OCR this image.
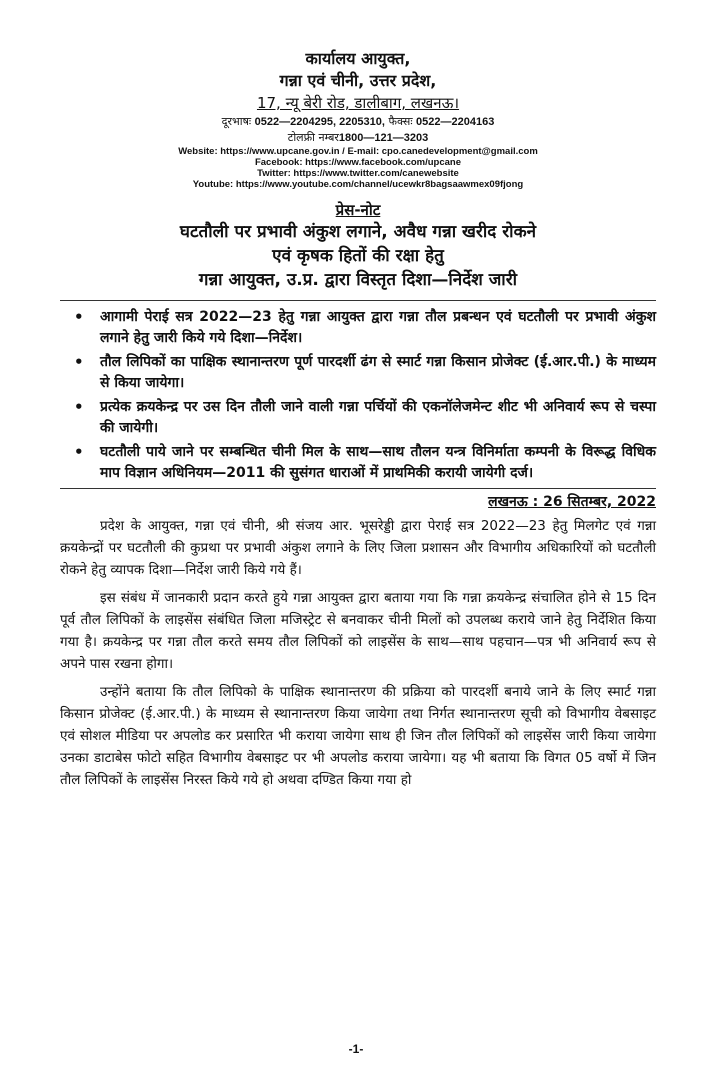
कार्यालय आयुक्त,
गन्ना एवं चीनी, उत्तर प्रदेश,
17, न्यू बेरी रोड, डालीबाग, लखनऊ।
दूरभाषः 0522—2204295, 2205310, फैक्सः 0522—2204163
टोलफ्री नम्बर1800—121—3203
Website: https://www.upcane.gov.in / E-mail: cpo.canedevelopment@gmail.com
Facebook: https://www.facebook.com/upcane
Twitter: https://www.twitter.com/canewebsite
Youtube: https://www.youtube.com/channel/ucewkr8bagsaawmex09fjong
प्रेस-नोट
घटतौली पर प्रभावी अंकुश लगाने, अवैध गन्ना खरीद रोकने
एवं कृषक हितों की रक्षा हेतु
गन्ना आयुक्त, उ.प्र. द्वारा विस्तृत दिशा—निर्देश जारी
• आगामी पेराई सत्र 2022—23 हेतु गन्ना आयुक्त द्वारा गन्ना तौल प्रबन्धन एवं घटतौली पर प्रभावी अंकुश लगाने हेतु जारी किये गये दिशा—निर्देश।
• तौल लिपिकों का पाक्षिक स्थानान्तरण पूर्ण पारदर्शी ढंग से स्मार्ट गन्ना किसान प्रोजेक्ट (ई.आर.पी.) के माध्यम से किया जायेगा।
• प्रत्येक क्रयकेन्द्र पर उस दिन तौली जाने वाली गन्ना पर्चियों की एकनॉलेजमेन्ट शीट भी अनिवार्य रूप से चस्पा की जायेगी।
• घटतौली पाये जाने पर सम्बन्धित चीनी मिल के साथ—साथ तौलन यन्त्र विनिर्माता कम्पनी के विरूद्ध विधिक माप विज्ञान अधिनियम—2011 की सुसंगत धाराओं में प्राथमिकी करायी जायेगी दर्ज।
लखनऊ : 26 सितम्बर, 2022

प्रदेश के आयुक्त, गन्ना एवं चीनी, श्री संजय आर. भूसरेड्डी द्वारा पेराई सत्र 2022—23 हेतु मिलगेट एवं गन्ना क्रयकेन्द्रों पर घटतौली की कुप्रथा पर प्रभावी अंकुश लगाने के लिए जिला प्रशासन और विभागीय अधिकारियों को घटतौली रोकने हेतु व्यापक दिशा—निर्देश जारी किये गये हैं।

इस संबंध में जानकारी प्रदान करते हुये गन्ना आयुक्त द्वारा बताया गया कि गन्ना क्रयकेन्द्र संचालित होने से 15 दिन पूर्व तौल लिपिकों के लाइसेंस संबंधित जिला मजिस्ट्रेट से बनवाकर चीनी मिलों को उपलब्ध कराये जाने हेतु निर्देशित किया गया है। क्रयकेन्द्र पर गन्ना तौल करते समय तौल लिपिकों को लाइसेंस के साथ—साथ पहचान—पत्र भी अनिवार्य रूप से अपने पास रखना होगा।

उन्होंने बताया कि तौल लिपिको के पाक्षिक स्थानान्तरण की प्रक्रिया को पारदर्शी बनाये जाने के लिए स्मार्ट गन्ना किसान प्रोजेक्ट (ई.आर.पी.) के माध्यम से स्थानान्तरण किया जायेगा तथा निर्गत स्थानान्तरण सूची को विभागीय वेबसाइट एवं सोशल मीडिया पर अपलोड कर प्रसारित भी कराया जायेगा साथ ही जिन तौल लिपिकों को लाइसेंस जारी किया जायेगा उनका डाटाबेस फोटो सहित विभागीय वेबसाइट पर भी अपलोड कराया जायेगा। यह भी बताया कि विगत 05 वर्षो में जिन तौल लिपिकों के लाइसेंस निरस्त किये गये हो अथवा दण्डित किया गया हो

-1-
